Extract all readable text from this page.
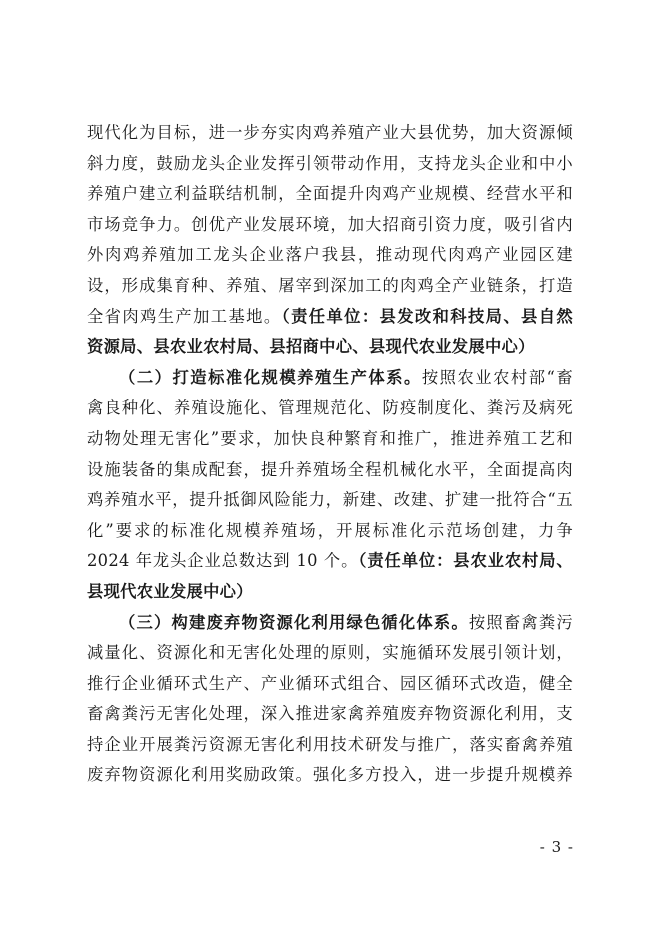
现代化为目标，进一步夯实肉鸡养殖产业大县优势，加大资源倾
斜力度，鼓励龙头企业发挥引领带动作用，支持龙头企业和中小
养殖户建立利益联结机制，全面提升肉鸡产业规模、经营水平和
市场竞争力。创优产业发展环境，加大招商引资力度，吸引省内
外肉鸡养殖加工龙头企业落户我县，推动现代肉鸡产业园区建
设，形成集育种、养殖、屠宰到深加工的肉鸡全产业链条，打造
全省肉鸡生产加工基地。（责任单位：县发改和科技局、县自然
资源局、县农业农村局、县招商中心、县现代农业发展中心）
（二）打造标准化规模养殖生产体系。按照农业农村部“畜
禽良种化、养殖设施化、管理规范化、防疫制度化、粪污及病死
动物处理无害化”要求，加快良种繁育和推广，推进养殖工艺和
设施装备的集成配套，提升养殖场全程机械化水平，全面提高肉
鸡养殖水平，提升抵御风险能力，新建、改建、扩建一批符合“五
化”要求的标准化规模养殖场，开展标准化示范场创建，力争
2024 年龙头企业总数达到 10 个。（责任单位：县农业农村局、
县现代农业发展中心）
（三）构建废弃物资源化利用绿色循化体系。按照畜禽粪污
减量化、资源化和无害化处理的原则，实施循环发展引领计划，
推行企业循环式生产、产业循环式组合、园区循环式改造，健全
畜禽粪污无害化处理，深入推进家禽养殖废弃物资源化利用，支
持企业开展粪污资源无害化利用技术研发与推广，落实畜禽养殖
废弃物资源化利用奖励政策。强化多方投入，进一步提升规模养
- 3 -
